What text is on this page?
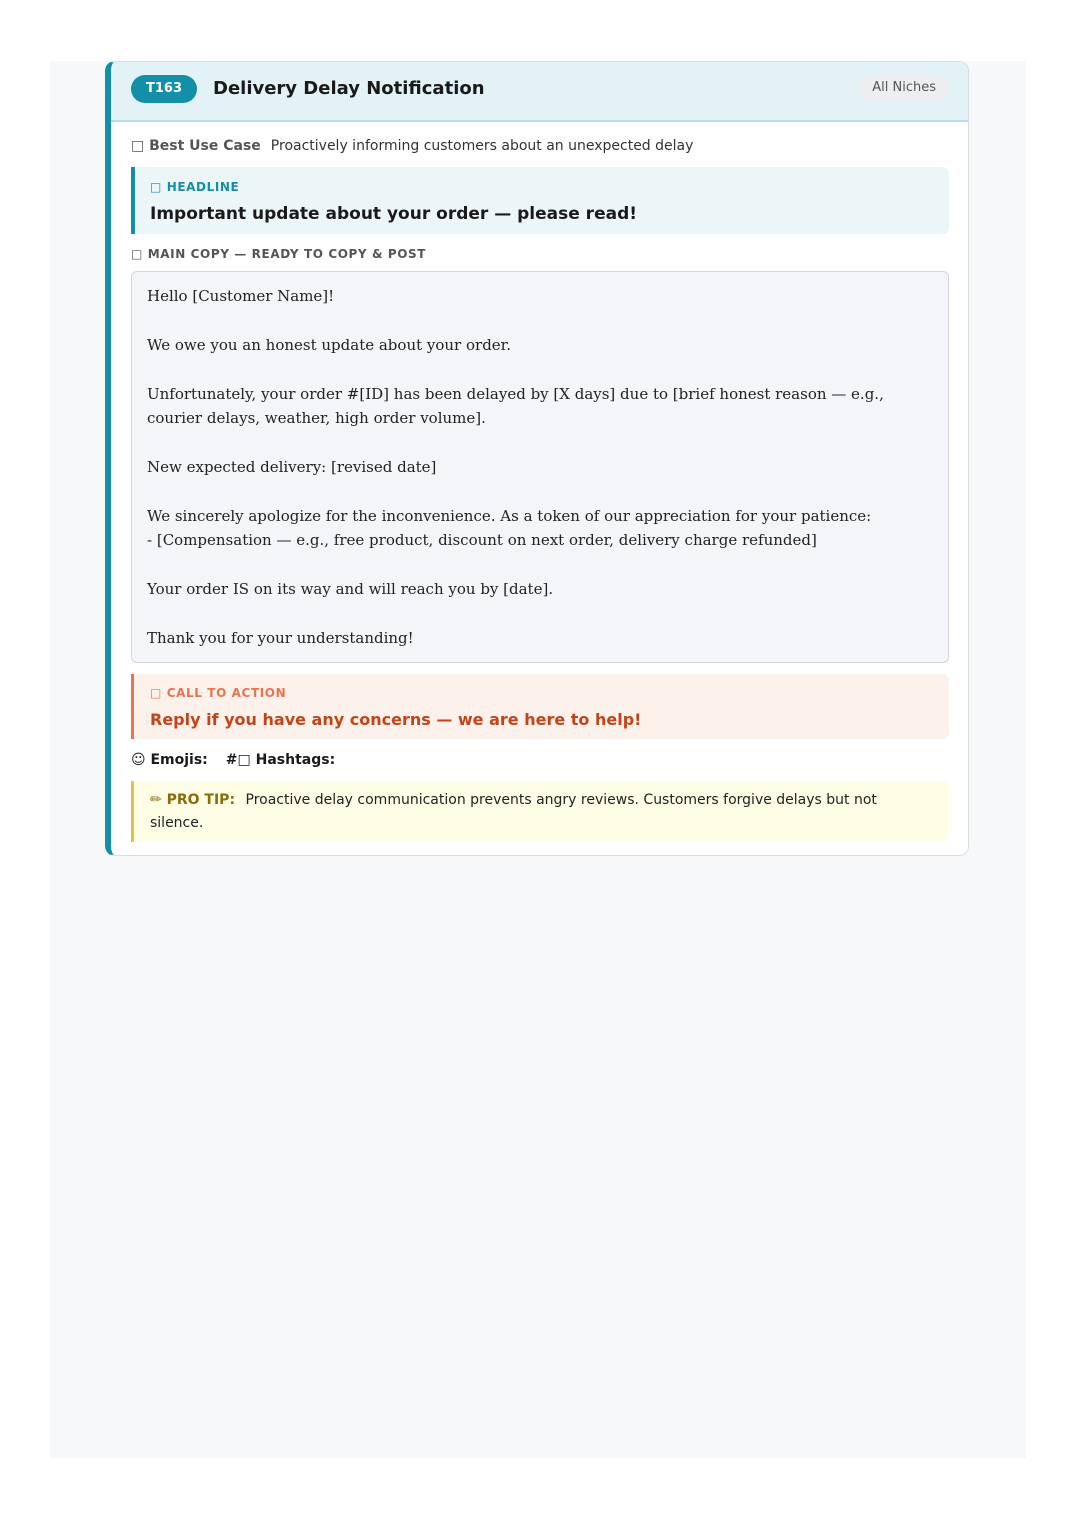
T163	Delivery Delay Notification	All Niches
□ Best Use Case Proactively informing customers about an unexpected delay
□ HEADLINE
Important update about your order — please read!
□ MAIN COPY — READY TO COPY & POST

Hello [Customer Name]!

We owe you an honest update about your order.

Unfortunately, your order #[ID] has been delayed by [X days] due to [brief honest reason — e.g., courier delays, weather, high order volume].

New expected delivery: [revised date]

We sincerely apologize for the inconvenience. As a token of our appreciation for your patience:

- [Compensation — e.g., free product, discount on next order, delivery charge refunded]

Your order IS on its way and will reach you by [date].

Thank you for your understanding!

□ CALL TO ACTION
Reply if you have any concerns — we are here to help!
☺ Emojis: #□ Hashtags:
✏ PRO TIP: Proactive delay communication prevents angry reviews. Customers forgive delays but not silence.
